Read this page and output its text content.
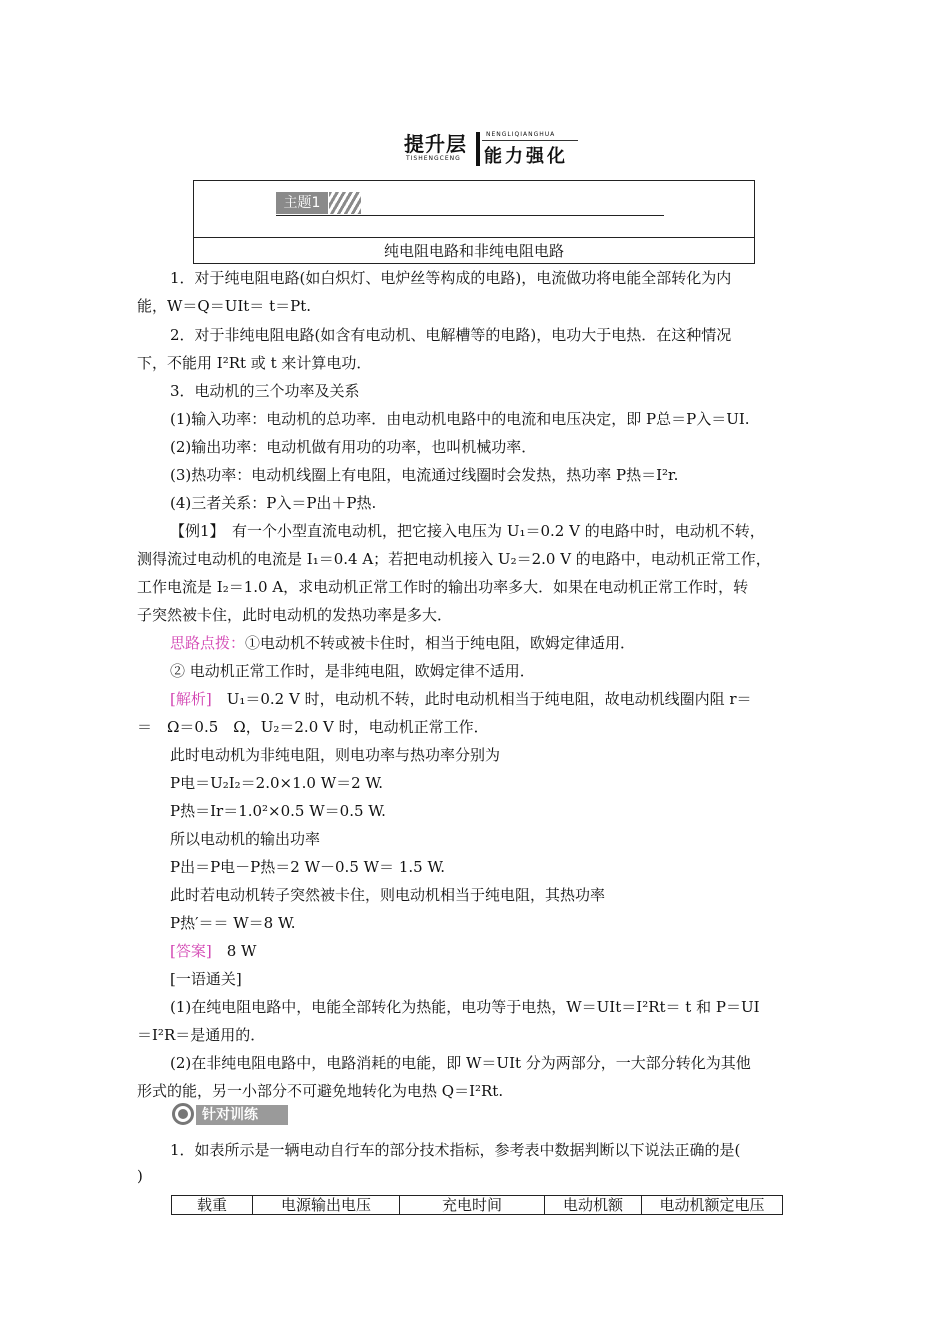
提升层
TISHENGCENG
NENGLIQIANGHUA
能力强化
主题1
纯电阻电路和非纯电阻电路
1．对于纯电阻电路(如白炽灯、电炉丝等构成的电路)，电流做功将电能全部转化为内
能，W＝Q＝UIt＝ t＝Pt.
2．对于非纯电阻电路(如含有电动机、电解槽等的电路)，电功大于电热．在这种情况
下，不能用 I²Rt 或 t 来计算电功．
3．电动机的三个功率及关系
(1)输入功率：电动机的总功率．由电动机电路中的电流和电压决定，即 P总＝P入＝UI.
(2)输出功率：电动机做有用功的功率，也叫机械功率．
(3)热功率：电动机线圈上有电阻，电流通过线圈时会发热，热功率 P热＝I²r.
(4)三者关系：P入＝P出＋P热.
【例1】　有一个小型直流电动机，把它接入电压为 U₁＝0.2 V 的电路中时，电动机不转，
测得流过电动机的电流是 I₁＝0.4 A；若把电动机接入 U₂＝2.0 V 的电路中，电动机正常工作，
工作电流是 I₂＝1.0 A，求电动机正常工作时的输出功率多大．如果在电动机正常工作时，转
子突然被卡住，此时电动机的发热功率是多大．
思路点拨：①电动机不转或被卡住时，相当于纯电阻，欧姆定律适用．
② 电动机正常工作时，是非纯电阻，欧姆定律不适用．
[解析]　U₁＝0.2 V 时，电动机不转，此时电动机相当于纯电阻，故电动机线圈内阻 r＝
＝　Ω＝0.5　Ω，U₂＝2.0 V 时，电动机正常工作．
此时电动机为非纯电阻，则电功率与热功率分别为
P电＝U₂I₂＝2.0×1.0 W＝2 W.
P热＝Ir＝1.0²×0.5 W＝0.5 W.
所以电动机的输出功率
P出＝P电－P热＝2 W－0.5 W＝ 1.5 W.
此时若电动机转子突然被卡住，则电动机相当于纯电阻，其热功率
P热′＝＝ W＝8 W.
[答案]　8 W
[一语通关]
(1)在纯电阻电路中，电能全部转化为热能，电功等于电热，W＝UIt＝I²Rt＝ t 和 P＝UI
＝I²R＝是通用的．
(2)在非纯电阻电路中，电路消耗的电能，即 W＝UIt 分为两部分，一大部分转化为其他
形式的能，另一小部分不可避免地转化为电热 Q＝I²Rt.
针对训练
1．如表所示是一辆电动自行车的部分技术指标，参考表中数据判断以下说法正确的是(
)
载重	电源输出电压	充电时间	电动机额	电动机额定电压
